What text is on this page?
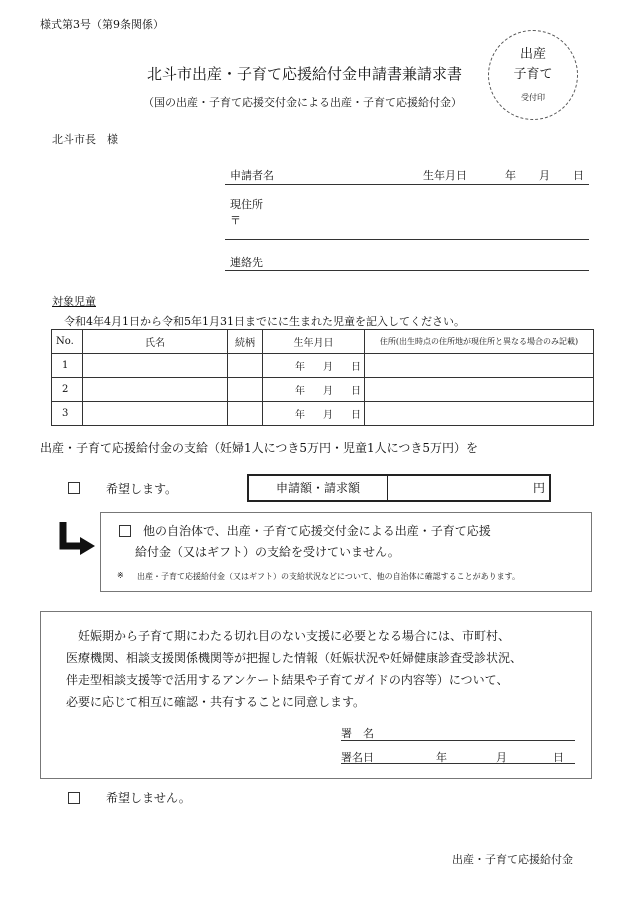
様式第3号（第9条関係）
北斗市出産・子育て応援給付金申請書兼請求書
（国の出産・子育て応援交付金による出産・子育て応援給付金）
出産
子育て
受付印
北斗市長　様
申請者名	生年月日	年 月 日
現住所
〒
連絡先
対象児童
令和4年4月1日から令和5年1月31日までにに生まれた児童を記入してください。
No.	氏名	続柄	生年月日	住所(出生時点の住所地が現住所と異なる場合のみ記載)
1			年 月 日	
2			年 月 日	
3			年 月 日	
出産・子育て応援給付金の支給（妊婦1人につき5万円・児童1人につき5万円）を
希望します。	申請額・請求額	円
他の自治体で、出産・子育て応援交付金による出産・子育て応援
給付金（又はギフト）の支給を受けていません。
※ 出産・子育て応援給付金（又はギフト）の支給状況などについて、他の自治体に確認することがあります。
妊娠期から子育て期にわたる切れ目のない支援に必要となる場合には、市町村、
医療機関、相談支援関係機関等が把握した情報（妊娠状況や妊婦健康診査受診状況、
伴走型相談支援等で活用するアンケート結果や子育てガイドの内容等）について、
必要に応じて相互に確認・共有することに同意します。
署　名
署名日	年	月	日
希望しません。
出産・子育て応援給付金
